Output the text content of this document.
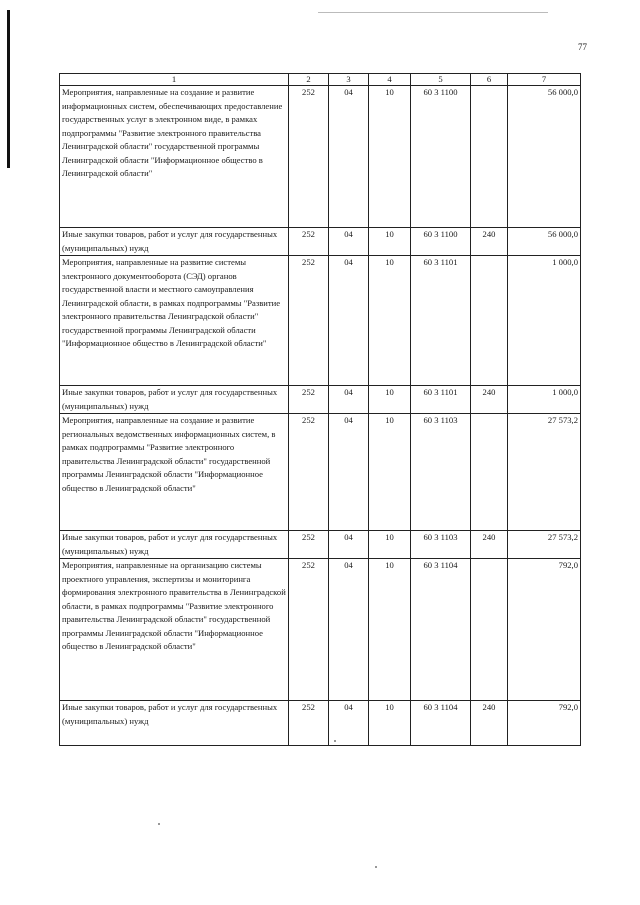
77
1	2	3	4	5	6	7
Мероприятия, направленные на создание и развитие информационных систем, обеспечивающих предоставление государственных услуг в электронном виде, в рамках подпрограммы "Развитие электронного правительства Ленинградской области" государственной программы Ленинградской области "Информационное общество в Ленинградской области"	252	04	10	60 3 1100		56 000,0
Иные закупки товаров, работ и услуг для государственных (муниципальных) нужд	252	04	10	60 3 1100	240	56 000,0
Мероприятия, направленные на развитие системы электронного документооборота (СЭД) органов государственной власти и местного самоуправления Ленинградской области, в рамках подпрограммы "Развитие электронного правительства Ленинградской области" государственной программы Ленинградской области "Информационное общество в Ленинградской области"	252	04	10	60 3 1101		1 000,0
Иные закупки товаров, работ и услуг для государственных (муниципальных) нужд	252	04	10	60 3 1101	240	1 000,0
Мероприятия, направленные на создание и развитие региональных ведомственных информационных систем, в рамках подпрограммы "Развитие электронного правительства Ленинградской области" государственной программы Ленинградской области "Информационное общество в Ленинградской области"	252	04	10	60 3 1103		27 573,2
Иные закупки товаров, работ и услуг для государственных (муниципальных) нужд	252	04	10	60 3 1103	240	27 573,2
Мероприятия, направленные на организацию системы проектного управления, экспертизы и мониторинга формирования электронного правительства в Ленинградской области, в рамках подпрограммы "Развитие электронного правительства Ленинградской области" государственной программы Ленинградской области "Информационное общество в Ленинградской области"	252	04	10	60 3 1104		792,0
Иные закупки товаров, работ и услуг для государственных (муниципальных) нужд	252	04	10	60 3 1104	240	792,0
